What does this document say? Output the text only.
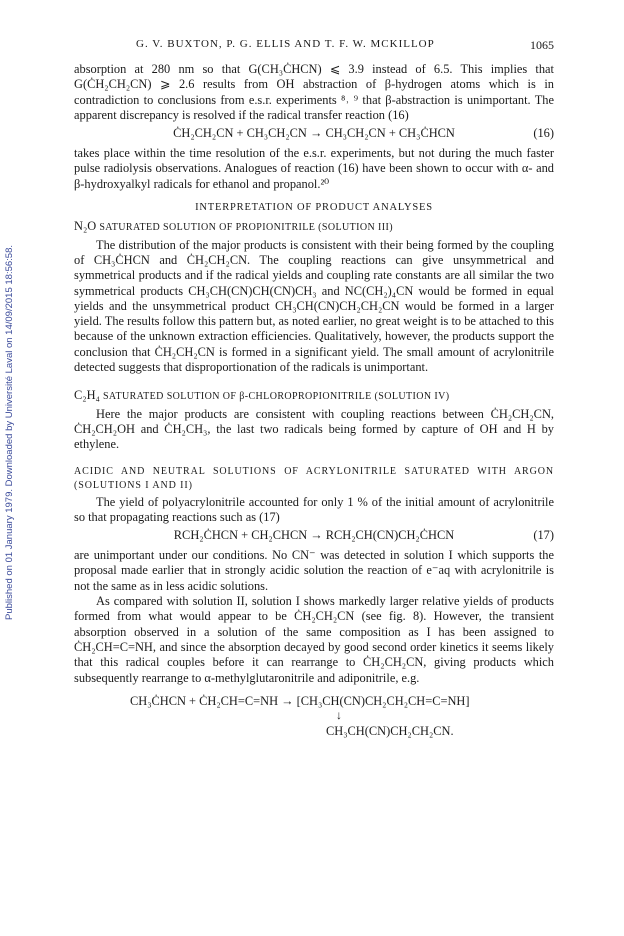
Published on 01 January 1979. Downloaded by Université Laval on 14/09/2015 18:56:58.
G. V. BUXTON, P. G. ELLIS AND T. F. W. MCKILLOP	1065

absorption at 280 nm so that G(CH₃ĊHCN) ⩽ 3.9 instead of 6.5. This implies that G(ĊH₂CH₂CN) ⩾ 2.6 results from OH abstraction of β-hydrogen atoms which is in contradiction to conclusions from e.s.r. experiments ⁸˒ ⁹ that β-abstraction is unimportant. The apparent discrepancy is resolved if the radical transfer reaction (16)

ĊH₂CH₂CN + CH₃CH₂CN → CH₃CH₂CN + CH₃ĊHCN	(16)

takes place within the time resolution of the e.s.r. experiments, but not during the much faster pulse radiolysis observations. Analogues of reaction (16) have been shown to occur with α- and β-hydroxyalkyl radicals for ethanol and propanol.²⁰

INTERPRETATION OF PRODUCT ANALYSES
N₂O SATURATED SOLUTION OF PROPIONITRILE (SOLUTION III)

The distribution of the major products is consistent with their being formed by the coupling of CH₃ĊHCN and ĊH₂CH₂CN. The coupling reactions can give unsymmetrical and symmetrical products and if the radical yields and coupling rate constants are all similar the two symmetrical products CH₃CH(CN)CH(CN)CH₃ and NC(CH₂)₄CN would be formed in equal yields and the unsymmetrical product CH₃CH(CN)CH₂CH₂CN would be formed in a larger yield. The results follow this pattern but, as noted earlier, no great weight is to be attached to this because of the unknown extraction efficiencies. Qualitatively, however, the products support the conclusion that ĊH₂CH₂CN is formed in a significant yield. The small amount of acrylonitrile detected suggests that disproportionation of the radicals is unimportant.

C₂H₄ SATURATED SOLUTION OF β-CHLOROPROPIONITRILE (SOLUTION IV)

Here the major products are consistent with coupling reactions between ĊH₂CH₂CN, ĊH₂CH₂OH and ĊH₂CH₃, the last two radicals being formed by capture of OH and H by ethylene.

ACIDIC AND NEUTRAL SOLUTIONS OF ACRYLONITRILE SATURATED WITH ARGON (SOLUTIONS I AND II)

The yield of polyacrylonitrile accounted for only 1 % of the initial amount of acrylonitrile so that propagating reactions such as (17)

RCH₂ĊHCN + CH₂CHCN → RCH₂CH(CN)CH₂ĊHCN	(17)

are unimportant under our conditions. No CN⁻ was detected in solution I which supports the proposal made earlier that in strongly acidic solution the reaction of e⁻aq with acrylonitrile is not the same as in less acidic solutions.

As compared with solution II, solution I shows markedly larger relative yields of products formed from what would appear to be ĊH₂CH₂CN (see fig. 8). However, the transient absorption observed in a solution of the same composition as I has been assigned to ĊH₂CH=C=NH, and since the absorption decayed by good second order kinetics it seems likely that this radical couples before it can rearrange to ĊH₂CH₂CN, giving products which subsequently rearrange to α-methylglutaronitrile and adiponitrile, e.g.

CH₃ĊHCN + ĊH₂CH=C=NH → [CH₃CH(CN)CH₂CH₂CH=C=NH]
↓
CH₃CH(CN)CH₂CH₂CN.
